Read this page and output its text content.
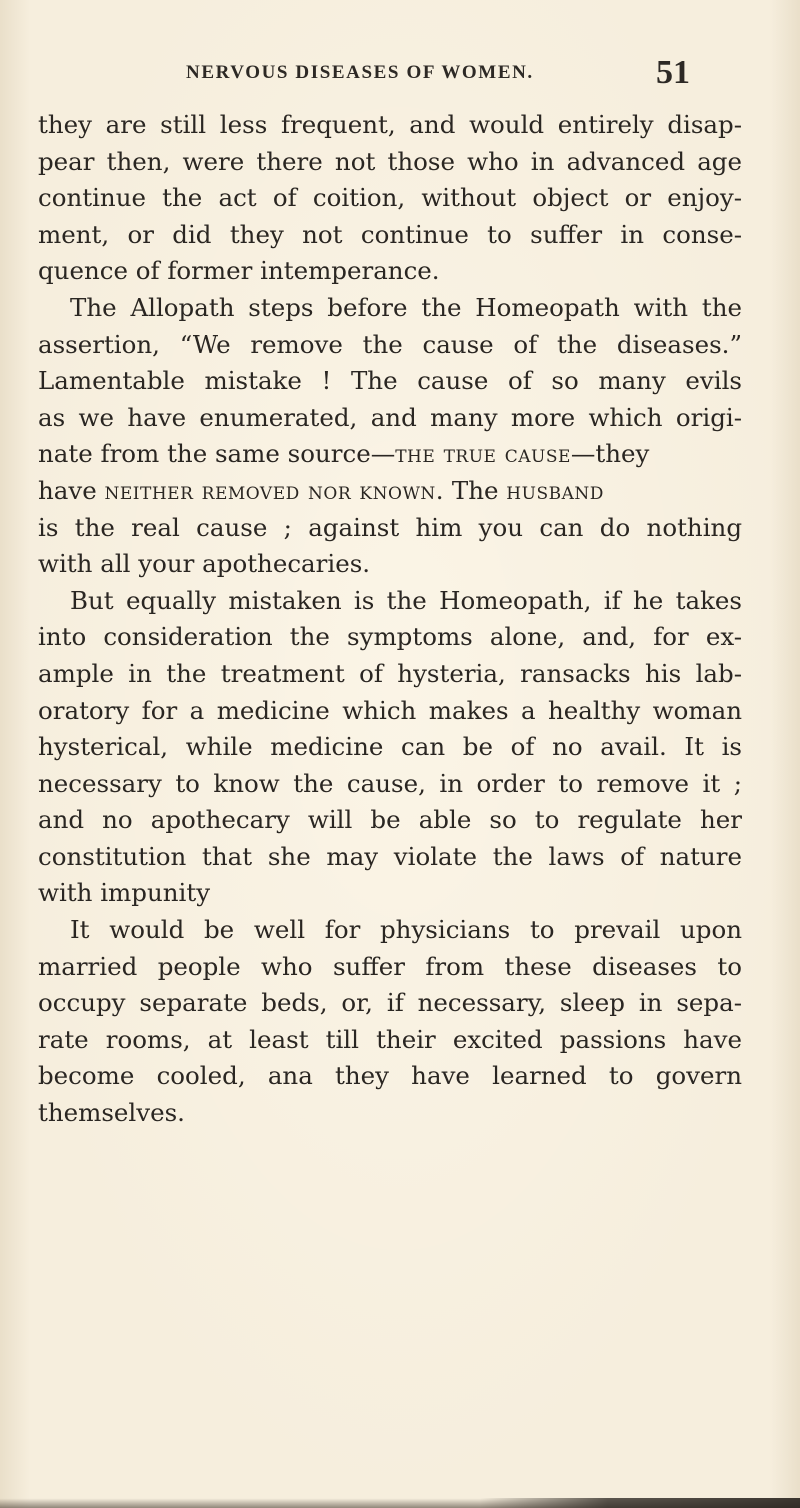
NERVOUS DISEASES OF WOMEN.	51
they are still less frequent, and would entirely disap-
pear then, were there not those who in advanced age
continue the act of coition, without object or enjoy-
ment, or did they not continue to suffer in conse-
quence of former intemperance.
The Allopath steps before the Homeopath with the
assertion, “We remove the cause of the diseases.”
Lamentable mistake ! The cause of so many evils
as we have enumerated, and many more which origi-
nate from the same source—the true cause—they
have neither removed nor known. The husband
is the real cause ; against him you can do nothing
with all your apothecaries.
But equally mistaken is the Homeopath, if he takes
into consideration the symptoms alone, and, for ex-
ample in the treatment of hysteria, ransacks his lab-
oratory for a medicine which makes a healthy woman
hysterical, while medicine can be of no avail. It is
necessary to know the cause, in order to remove it ;
and no apothecary will be able so to regulate her
constitution that she may violate the laws of nature
with impunity
It would be well for physicians to prevail upon
married people who suffer from these diseases to
occupy separate beds, or, if necessary, sleep in sepa-
rate rooms, at least till their excited passions have
become cooled, ana they have learned to govern
themselves.
